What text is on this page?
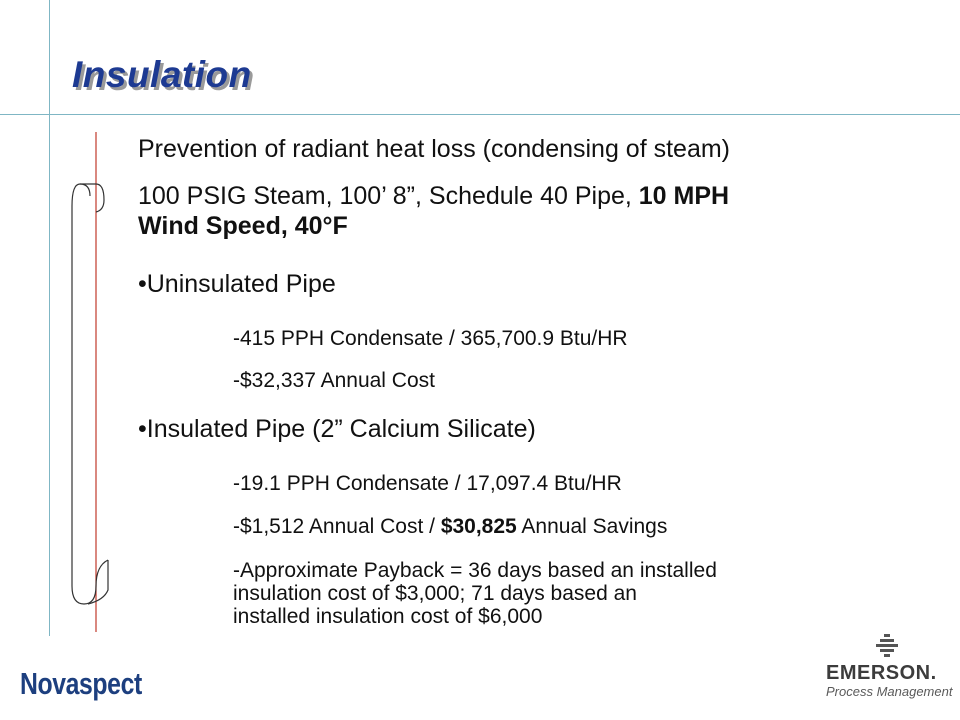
Insulation
Prevention of radiant heat loss (condensing of steam)
100 PSIG Steam, 100’ 8”, Schedule 40 Pipe, 10 MPH
Wind Speed, 40°F
•Uninsulated Pipe
-415 PPH Condensate / 365,700.9 Btu/HR
-$32,337 Annual Cost
•Insulated Pipe (2” Calcium Silicate)
-19.1 PPH Condensate / 17,097.4 Btu/HR
-$1,512 Annual Cost / $30,825 Annual Savings
-Approximate Payback = 36 days based an installed
insulation cost of $3,000; 71 days based an
installed insulation cost of $6,000
Novaspect	EMERSON.
Process Management
